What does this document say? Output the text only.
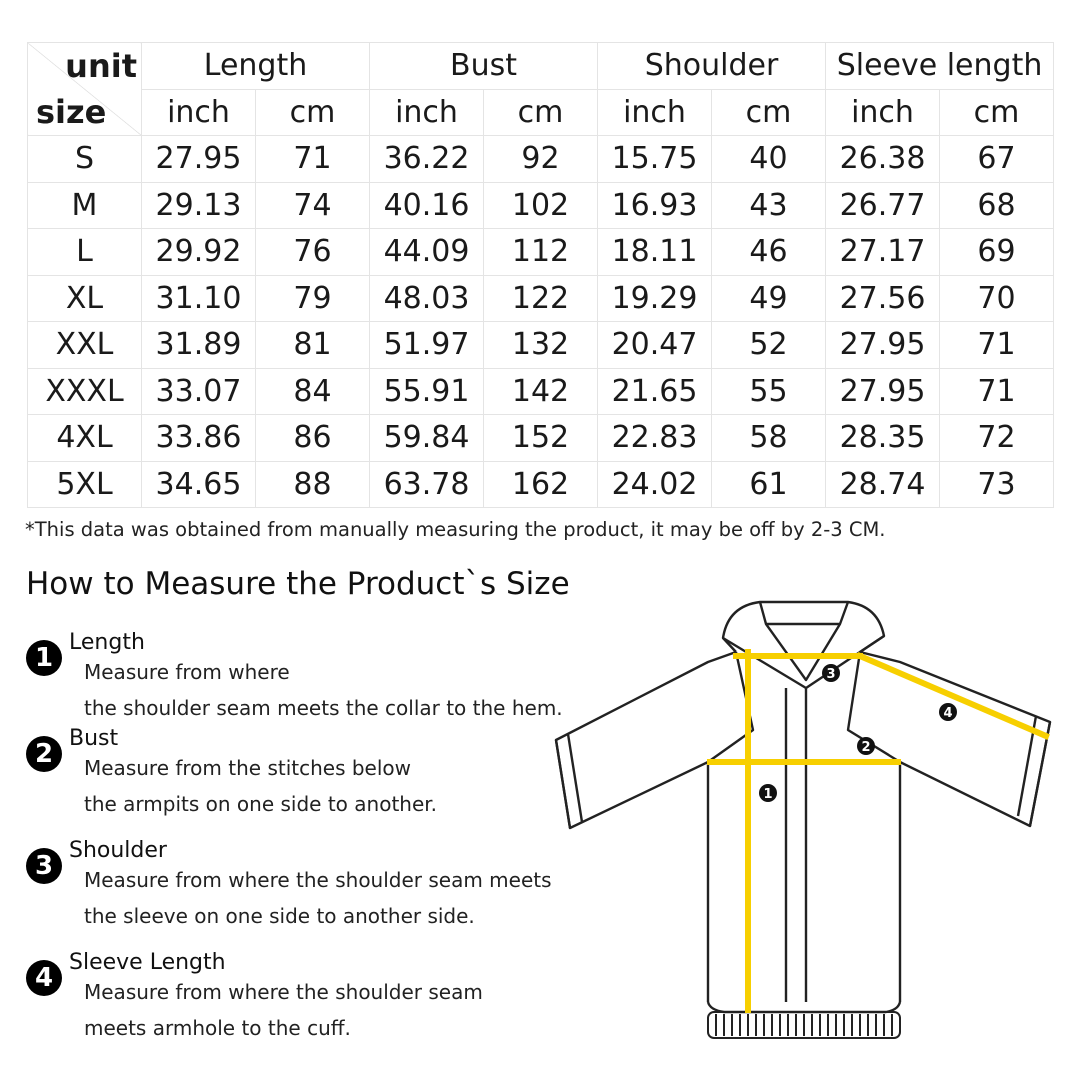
unit
size	Length		Bust		Shoulder		Sleeve length	
	inch	cm	inch	cm	inch	cm	inch	cm
S	27.95	71	36.22	92	15.75	40	26.38	67
M	29.13	74	40.16	102	16.93	43	26.77	68
L	29.92	76	44.09	112	18.11	46	27.17	69
XL	31.10	79	48.03	122	19.29	49	27.56	70
XXL	31.89	81	51.97	132	20.47	52	27.95	71
XXXL	33.07	84	55.91	142	21.65	55	27.95	71
4XL	33.86	86	59.84	152	22.83	58	28.35	72
5XL	34.65	88	63.78	162	24.02	61	28.74	73
*This data was obtained from manually measuring the product, it may be off by 2-3 CM.
How to Measure the Product`s Size
1
Length
Measure from where
the shoulder seam meets the collar to the hem.
2
Bust
Measure from the stitches below
the armpits on one side to another.
3
Shoulder
Measure from where the shoulder seam meets
the sleeve on one side to another side.
4
Sleeve Length
Measure from where the shoulder seam
meets armhole to the cuff.
1
2
3
4
